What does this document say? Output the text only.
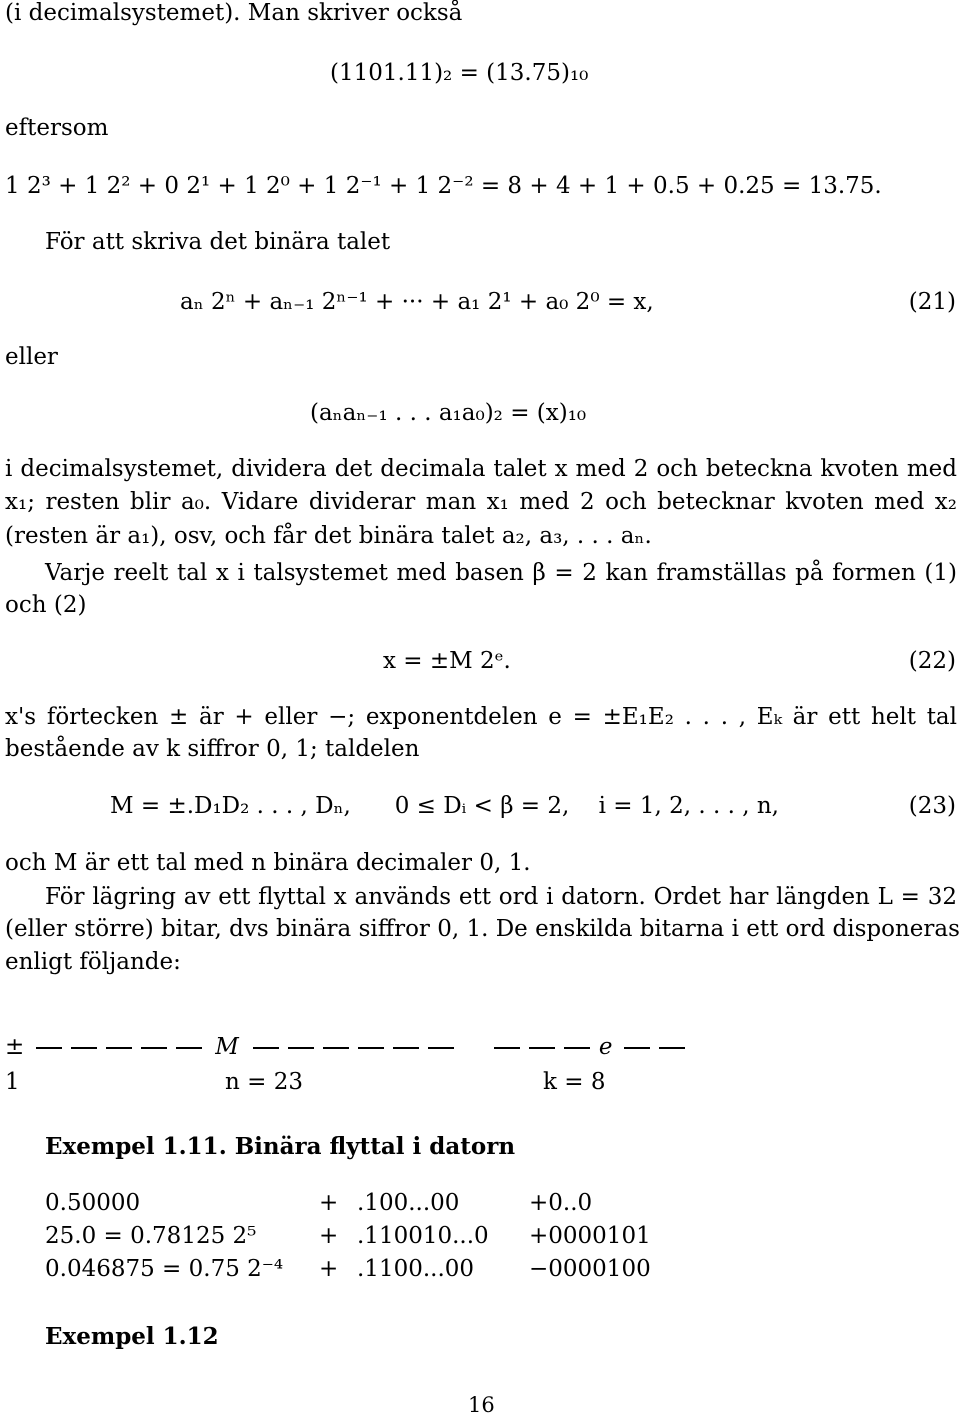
(i decimalsystemet). Man skriver också
(1101.11)₂ = (13.75)₁₀
eftersom
1 2³ + 1 2² + 0 2¹ + 1 2⁰ + 1 2⁻¹ + 1 2⁻² = 8 + 4 + 1 + 0.5 + 0.25 = 13.75.
För att skriva det binära talet
aₙ 2ⁿ + aₙ₋₁ 2ⁿ⁻¹ + ··· + a₁ 2¹ + a₀ 2⁰ = x,	(21)
eller
(aₙaₙ₋₁ . . . a₁a₀)₂ = (x)₁₀
i decimalsystemet, dividera det decimala talet x med 2 och beteckna kvoten med
x₁; resten blir a₀. Vidare dividerar man x₁ med 2 och betecknar kvoten med x₂
(resten är a₁), osv, och får det binära talet a₂, a₃, . . . aₙ.
Varje reelt tal x i talsystemet med basen β = 2 kan framställas på formen (1)
och (2)
x = ±M 2ᵉ.	(22)
x's förtecken ± är + eller −; exponentdelen e = ±E₁E₂ . . . , Eₖ är ett helt tal
bestående av k siffror 0, 1; taldelen
M = ±.D₁D₂ . . . , Dₙ,      0 ≤ Dᵢ < β = 2,    i = 1, 2, . . . , n,	(23)
och M är ett tal med n binära decimaler 0, 1.
För lägring av ett flyttal x används ett ord i datorn. Ordet har längden L = 32
(eller större) bitar, dvs binära siffror 0, 1. De enskilda bitarna i ett ord disponeras
enligt följande:
±	M	e
1	n = 23	k = 8
Exempel 1.11. Binära flyttal i datorn
0.50000	+	.100...00	+0..0
25.0 = 0.78125 2⁵	+	.110010...0	+0000101
0.046875 = 0.75 2⁻⁴	+	.1100...00	−0000100
Exempel 1.12
16
